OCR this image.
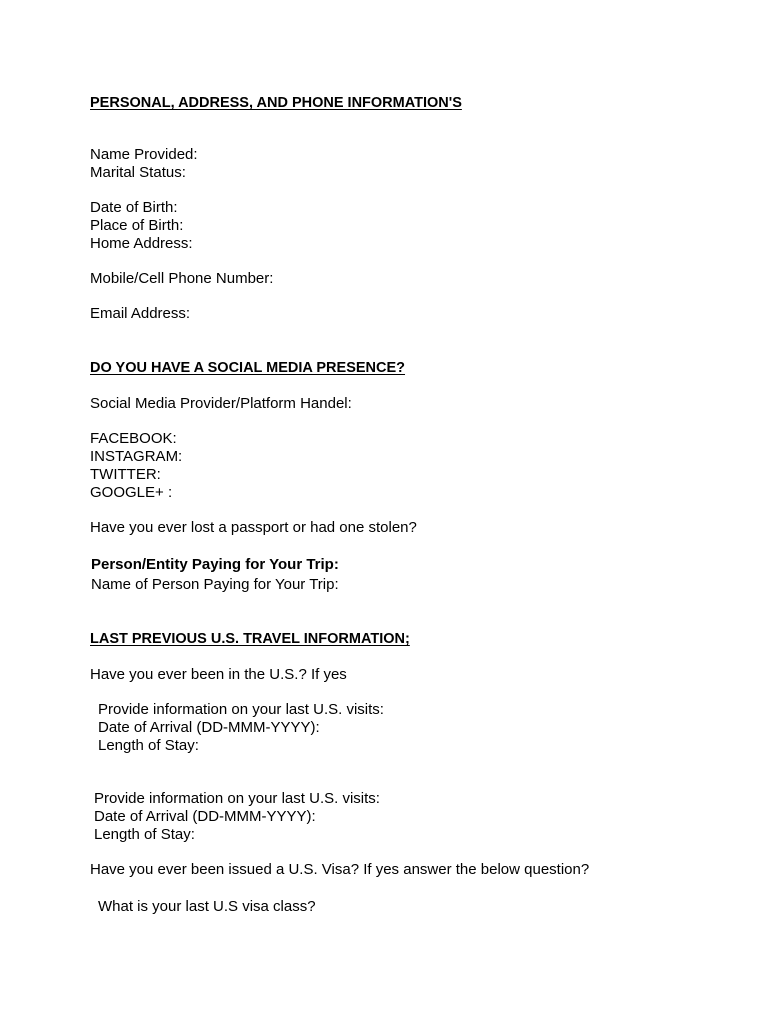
PERSONAL, ADDRESS, AND PHONE INFORMATION'S
Name Provided:
Marital Status:
Date of Birth:
Place of Birth:
Home Address:
Mobile/Cell Phone Number:
Email Address:
DO YOU HAVE A SOCIAL MEDIA PRESENCE?
Social Media Provider/Platform Handel:
FACEBOOK:
INSTAGRAM:
TWITTER:
GOOGLE+ :
Have you ever lost a passport or had one stolen?
Person/Entity Paying for Your Trip:
Name of Person Paying for Your Trip:
LAST PREVIOUS U.S. TRAVEL INFORMATION;
Have you ever been in the U.S.? If yes
Provide information on your last U.S. visits:
Date of Arrival (DD-MMM-YYYY):
Length of Stay:
Provide information on your last U.S. visits:
Date of Arrival (DD-MMM-YYYY):
Length of Stay:
Have you ever been issued a U.S. Visa? If yes answer the below question?
What is your last U.S visa class?
